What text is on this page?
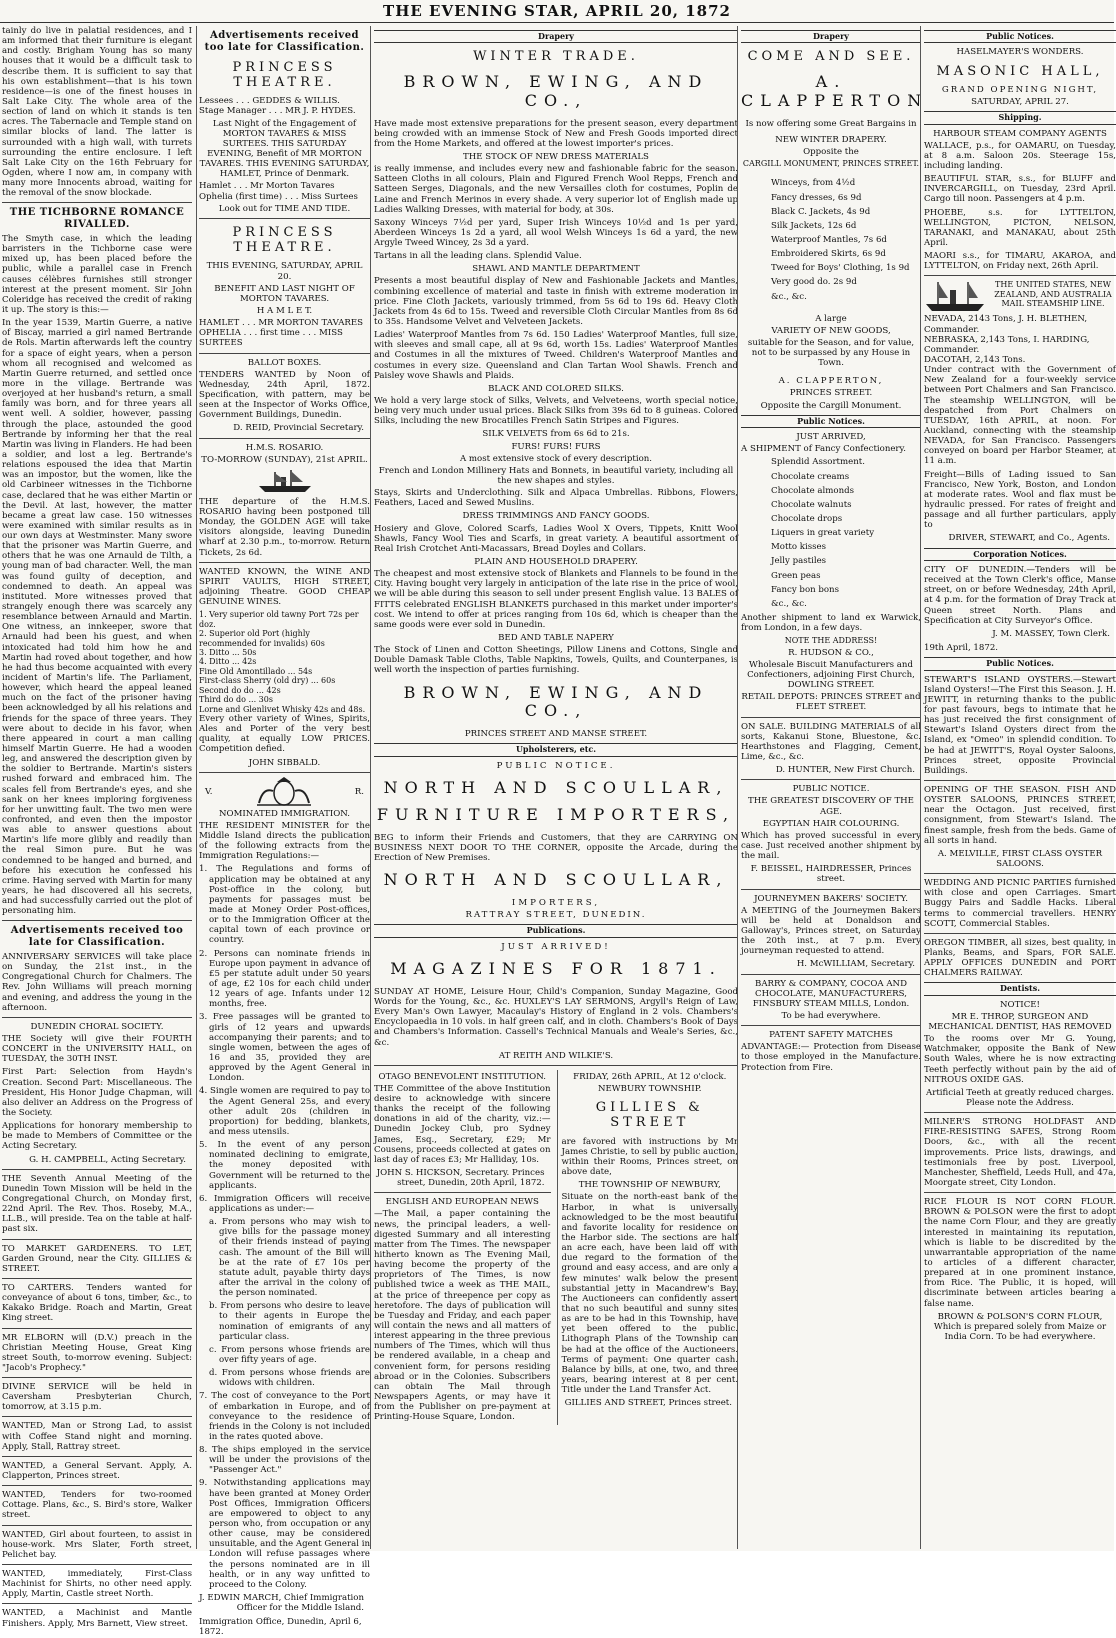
THE EVENING STAR, APRIL 20, 1872

tainly do live in palatial residences, and I am informed that their furniture is elegant and costly. Brigham Young has so many houses that it would be a difficult task to describe them. It is sufficient to say that his own establishment—that is his town residence—is one of the finest houses in Salt Lake City. The whole area of the section of land on which it stands is ten acres. The Tabernacle and Temple stand on similar blocks of land. The latter is surrounded with a high wall, with turrets surrounding the entire enclosure. I left Salt Lake City on the 16th February for Ogden, where I now am, in company with many more Innocents abroad, waiting for the removal of the snow blockade.

THE TICHBORNE ROMANCE RIVALLED.

The Smyth case, in which the leading barristers in the Tichborne case were mixed up, has been placed before the public, while a parallel case in French causes célèbres furnishes still stronger interest at the present moment. Sir John Coleridge has received the credit of raking it up. The story is this:—

In the year 1539, Martin Guerre, a native of Biscay, married a girl named Bertrande de Rols. Martin afterwards left the country for a space of eight years, when a person whom all recognised and welcomed as Martin Guerre returned, and settled once more in the village. Bertrande was overjoyed at her husband's return, a small family was born, and for three years all went well. A soldier, however, passing through the place, astounded the good Bertrande by informing her that the real Martin was living in Flanders. He had been a soldier, and lost a leg. Bertrande's relations espoused the idea that Martin was an impostor, but the women, like the old Carbineer witnesses in the Tichborne case, declared that he was either Martin or the Devil. At last, however, the matter became a great law case. 150 witnesses were examined with similar results as in our own days at Westminster. Many swore that the prisoner was Martin Guerre, and others that he was one Arnauld de Tilth, a young man of bad character. Well, the man was found guilty of deception, and condemned to death. An appeal was instituted. More witnesses proved that strangely enough there was scarcely any resemblance between Arnauld and Martin. One witness, an innkeeper, swore that Arnauld had been his guest, and when intoxicated had told him how he and Martin had roved about together, and how he had thus become acquainted with every incident of Martin's life. The Parliament, however, which heard the appeal leaned much on the fact of the prisoner having been acknowledged by all his relations and friends for the space of three years. They were about to decide in his favor, when there appeared in court a man calling himself Martin Guerre. He had a wooden leg, and answered the description given by the soldier to Bertrande. Martin's sisters rushed forward and embraced him. The scales fell from Bertrande's eyes, and she sank on her knees imploring forgiveness for her unwitting fault. The two men were confronted, and even then the impostor was able to answer questions about Martin's life more glibly and readily than the real Simon pure. But he was condemned to be hanged and burned, and before his execution he confessed his crime. Having served with Martin for many years, he had discovered all his secrets, and had successfully carried out the plot of personating him.

Advertisements received too late for Classification.

ANNIVERSARY SERVICES will take place on Sunday, the 21st inst., in the Congregational Church for Chalmers. The Rev. John Williams will preach morning and evening, and address the young in the afternoon.

DUNEDIN CHORAL SOCIETY.

THE Society will give their FOURTH CONCERT in the UNIVERSITY HALL, on TUESDAY, the 30TH INST.

First Part: Selection from Haydn's Creation. Second Part: Miscellaneous. The President, His Honor Judge Chapman, will also deliver an Address on the Progress of the Society.

Applications for honorary membership to be made to Members of Committee or the Acting Secretary.

G. H. CAMPBELL, Acting Secretary.

THE Seventh Annual Meeting of the Dunedin Town Mission will be held in the Congregational Church, on Monday first, 22nd April. The Rev. Thos. Roseby, M.A., LL.B., will preside. Tea on the table at half-past six.

TO MARKET GARDENERS. TO LET, Garden Ground, near the City. GILLIES & STREET.

TO CARTERS. Tenders wanted for conveyance of about 6 tons, timber, &c., to Kakako Bridge. Roach and Martin, Great King street.

MR ELBORN will (D.V.) preach in the Christian Meeting House, Great King street South, to-morrow evening. Subject: "Jacob's Prophecy."

DIVINE SERVICE will be held in Caversham Presbyterian Church, tomorrow, at 3.15 p.m.

WANTED, Man or Strong Lad, to assist with Coffee Stand night and morning. Apply, Stall, Rattray street.

WANTED, a General Servant. Apply, A. Clapperton, Princes street.

WANTED, Tenders for two-roomed Cottage. Plans, &c., S. Bird's store, Walker street.

WANTED, Girl about fourteen, to assist in house-work. Mrs Slater, Forth street, Pelichet bay.

WANTED, immediately, First-Class Machinist for Shirts, no other need apply. Apply, Martin, Castle street North.

WANTED, a Machinist and Mantle Finishers. Apply, Mrs Barnett, View street.

Advertisements received too late for Classification.
PRINCESS THEATRE.
Lessees . . . GEDDES & WILLIS.
Stage Manager . . . MR J. P. HYDES.

Last Night of the Engagement of MORTON TAVARES & MISS SURTEES. THIS SATURDAY EVENING, Benefit of MR MORTON TAVARES. THIS EVENING SATURDAY, HAMLET, Prince of Denmark.

Hamlet . . . Mr Morton Tavares
Ophelia (first time) . . . Miss Surtees
Look out for TIME AND TIDE.
PRINCESS THEATRE.
THIS EVENING, SATURDAY, APRIL 20.
BENEFIT AND LAST NIGHT OF MORTON TAVARES.
H A M L E T.
HAMLET . . . MR MORTON TAVARES
OPHELIA . . . first time . . . MISS SURTEES
BALLOT BOXES.

TENDERS WANTED by Noon of Wednesday, 24th April, 1872. Specification, with pattern, may be seen at the Inspector of Works Office, Government Buildings, Dunedin.

D. REID, Provincial Secretary.
H.M.S. ROSARIO.
TO-MORROW (SUNDAY), 21st APRIL.

THE departure of the H.M.S. ROSARIO having been postponed till Monday, the GOLDEN AGE will take visitors alongside, leaving Dunedin wharf at 2.30 p.m., to-morrow. Return Tickets, 2s 6d.

WANTED KNOWN, the WINE AND SPIRIT VAULTS, HIGH STREET, adjoining Theatre. GOOD CHEAP GENUINE WINES.

1. Very superior old tawny Port 72s per doz.
2. Superior old Port (highly recommended for invalids) 60s
3. Ditto ... 50s
4. Ditto ... 42s
Fine Old Amontillado ... 54s
First-class Sherry (old dry) ... 60s
Second do do ... 42s
Third do do ... 30s
Lorne and Glenlivet Whisky 42s and 48s.

Every other variety of Wines, Spirits, Ales and Porter of the very best quality, at equally LOW PRICES. Competition defied.

JOHN SIBBALD.
V.	R.
NOMINATED IMMIGRATION.

THE RESIDENT MINISTER for the Middle Island directs the publication of the following extracts from the Immigration Regulations:—

1. The Regulations and forms of application may be obtained at any Post-office in the colony, but payments for passages must be made at Money Order Post-offices, or to the Immigration Officer at the capital town of each province or country.

2. Persons can nominate friends in Europe upon payment in advance of £5 per statute adult under 50 years of age, £2 10s for each child under 12 years of age. Infants under 12 months, free.

3. Free passages will be granted to girls of 12 years and upwards accompanying their parents; and to single women, between the ages of 16 and 35, provided they are approved by the Agent General in London.

4. Single women are required to pay to the Agent General 25s, and every other adult 20s (children in proportion) for bedding, blankets, and mess utensils.

5. In the event of any person nominated declining to emigrate, the money deposited with Government will be returned to the applicants.

6. Immigration Officers will receive applications as under:—

a. From persons who may wish to give bills for the passage money of their friends instead of paying cash. The amount of the Bill will be at the rate of £7 10s per statute adult, payable thirty days after the arrival in the colony of the person nominated.

b. From persons who desire to leave to their agents in Europe the nomination of emigrants of any particular class.

c. From persons whose friends are over fifty years of age.

d. From persons whose friends are widows with children.

7. The cost of conveyance to the Port of embarkation in Europe, and of conveyance to the residence of friends in the Colony is not included in the rates quoted above.

8. The ships employed in the service will be under the provisions of the "Passenger Act."

9. Notwithstanding applications may have been granted at Money Order Post Offices, Immigration Officers are empowered to object to any person who, from occupation or any other cause, may be considered unsuitable, and the Agent General in London will refuse passages where the persons nominated are in ill health, or in any way unfitted to proceed to the Colony.

J. EDWIN MARCH, Chief Immigration Officer for the Middle Island.
Immigration Office, Dunedin, April 6, 1872.
Drapery
WINTER TRADE.
BROWN, EWING, AND CO.,

Have made most extensive preparations for the present season, every department being crowded with an immense Stock of New and Fresh Goods imported direct from the Home Markets, and offered at the lowest importer's prices.

THE STOCK OF NEW DRESS MATERIALS

is really immense, and includes every new and fashionable fabric for the season. Satteen Cloths in all colours, Plain and Figured French Wool Repps, French and Satteen Serges, Diagonals, and the new Versailles cloth for costumes, Poplin de Laine and French Merinos in every shade. A very superior lot of English made up Ladies Walking Dresses, with material for body, at 30s.

Saxony Winceys 7½d per yard, Super Irish Winceys 10½d and 1s per yard, Aberdeen Winceys 1s 2d a yard, all wool Welsh Winceys 1s 6d a yard, the new Argyle Tweed Wincey, 2s 3d a yard.

Tartans in all the leading clans. Splendid Value.

SHAWL AND MANTLE DEPARTMENT

Presents a most beautiful display of New and Fashionable Jackets and Mantles, combining excellence of material and taste in finish with extreme moderation in price. Fine Cloth Jackets, variously trimmed, from 5s 6d to 19s 6d. Heavy Cloth Jackets from 4s 6d to 15s. Tweed and reversible Cloth Circular Mantles from 8s 6d to 35s. Handsome Velvet and Velveteen Jackets.

Ladies' Waterproof Mantles from 7s 6d. 150 Ladies' Waterproof Mantles, full size, with sleeves and small cape, all at 9s 6d, worth 15s. Ladies' Waterproof Mantles and Costumes in all the mixtures of Tweed. Children's Waterproof Mantles and costumes in every size. Queensland and Clan Tartan Wool Shawls. French and Paisley wove Shawls and Plaids.

BLACK AND COLORED SILKS.

We hold a very large stock of Silks, Velvets, and Velveteens, worth special notice, being very much under usual prices. Black Silks from 39s 6d to 8 guineas. Colored Silks, including the new Brocatilles French Satin Stripes and Figures.

SILK VELVETS from 6s 6d to 21s.
FURS! FURS! FURS
A most extensive stock of every description.

French and London Millinery Hats and Bonnets, in beautiful variety, including all the new shapes and styles.

Stays, Skirts and Underclothing. Silk and Alpaca Umbrellas. Ribbons, Flowers, Feathers, Laced and Sewed Muslins.

DRESS TRIMMINGS AND FANCY GOODS.

Hosiery and Glove, Colored Scarfs, Ladies Wool X Overs, Tippets, Knitt Wool Shawls, Fancy Wool Ties and Scarfs, in great variety. A beautiful assortment of Real Irish Crotchet Anti-Macassars, Bread Doyles and Collars.

PLAIN AND HOUSEHOLD DRAPERY.

The cheapest and most extensive stock of Blankets and Flannels to be found in the City. Having bought very largely in anticipation of the late rise in the price of wool, we will be able during this season to sell under present English value. 13 BALES of FITTS celebrated ENGLISH BLANKETS purchased in this market under importer's cost. We intend to offer at prices ranging from 10s 6d, which is cheaper than the same goods were ever sold in Dunedin.

BED AND TABLE NAPERY

The Stock of Linen and Cotton Sheetings, Pillow Linens and Cottons, Single and Double Damask Table Cloths, Table Napkins, Towels, Quilts, and Counterpanes, is well worth the inspection of parties furnishing.

BROWN, EWING, AND CO.,
PRINCES STREET AND MANSE STREET.
Upholsterers, etc.
PUBLIC NOTICE.
NORTH AND SCOULLAR,
FURNITURE IMPORTERS,

BEG to inform their Friends and Customers, that they are CARRYING ON BUSINESS NEXT DOOR TO THE CORNER, opposite the Arcade, during the Erection of New Premises.

NORTH AND SCOULLAR,
IMPORTERS,
RATTRAY STREET, DUNEDIN.
Publications.
JUST ARRIVED!
MAGAZINES FOR 1871.

SUNDAY AT HOME, Leisure Hour, Child's Companion, Sunday Magazine, Good Words for the Young, &c., &c. HUXLEY'S LAY SERMONS, Argyll's Reign of Law, Every Man's Own Lawyer, Macaulay's History of England in 2 vols. Chambers's Encyclopaedia in 10 vols. in half green calf, and in cloth. Chambers's Book of Days and Chambers's Information. Cassell's Technical Manuals and Weale's Series, &c., &c.

AT REITH AND WILKIE'S.
OTAGO BENEVOLENT INSTITUTION.

THE Committee of the above Institution desire to acknowledge with sincere thanks the receipt of the following donations in aid of the charity, viz.:—Dunedin Jockey Club, pro Sydney James, Esq., Secretary, £29; Mr Cousens, proceeds collected at gates on last day of races £3; Mr Halliday, 10s.

JOHN S. HICKSON, Secretary. Princes street, Dunedin, 20th April, 1872.
ENGLISH AND EUROPEAN NEWS

—The Mail, a paper containing the news, the principal leaders, a well-digested Summary and all interesting matter from The Times. The newspaper hitherto known as The Evening Mail, having become the property of the proprietors of The Times, is now published twice a week as THE MAIL, at the price of threepence per copy as heretofore. The days of publication will be Tuesday and Friday, and each paper will contain the news and all matters of interest appearing in the three previous numbers of The Times, which will thus be rendered available, in a cheap and convenient form, for persons residing abroad or in the Colonies. Subscribers can obtain The Mail through Newspapers Agents, or may have it from the Publisher on pre-payment at Printing-House Square, London.

FRIDAY, 26th APRIL, At 12 o'clock.
NEWBURY TOWNSHIP.
GILLIES & STREET

are favored with instructions by Mr James Christie, to sell by public auction, within their Rooms, Princes street, on above date,

THE TOWNSHIP OF NEWBURY,

Situate on the north-east bank of the Harbor, in what is universally acknowledged to be the most beautiful and favorite locality for residence on the Harbor side. The sections are half an acre each, have been laid off with due regard to the formation of the ground and easy access, and are only a few minutes' walk below the present substantial jetty in Macandrew's Bay. The Auctioneers can confidently assert that no such beautiful and sunny sites as are to be had in this Township, have yet been offered to the public. Lithograph Plans of the Township can be had at the office of the Auctioneers. Terms of payment: One quarter cash. Balance by bills, at one, two, and three years, bearing interest at 8 per cent. Title under the Land Transfer Act.

GILLIES AND STREET, Princes street.
Drapery
COME AND SEE.
A. CLAPPERTON
Is now offering some Great Bargains in
NEW WINTER DRAPERY.
Opposite the
CARGILL MONUMENT, PRINCES STREET.
Winceys, from 4½d
Fancy dresses, 6s 9d
Black C. Jackets, 4s 9d
Silk Jackets, 12s 6d
Waterproof Mantles, 7s 6d
Embroidered Skirts, 6s 9d
Tweed for Boys' Clothing, 1s 9d
Very good do. 2s 9d
&c., &c.
A large
VARIETY OF NEW GOODS,

suitable for the Season, and for value, not to be surpassed by any House in Town.

A. CLAPPERTON,
PRINCES STREET.
Opposite the Cargill Monument.
Public Notices.
JUST ARRIVED,

A SHIPMENT of Fancy Confectionery.

Splendid Assortment.
Chocolate creams
Chocolate almonds
Chocolate walnuts
Chocolate drops
Liquers in great variety
Motto kisses
Jelly pastiles
Green peas
Fancy bon bons
&c., &c.

Another shipment to land ex Warwick, from London, in a few days.

NOTE THE ADDRESS!
R. HUDSON & CO.,

Wholesale Biscuit Manufacturers and Confectioners, adjoining First Church, DOWLING STREET.

RETAIL DEPOTS: PRINCES STREET and FLEET STREET.

ON SALE. BUILDING MATERIALS of all sorts, Kakanui Stone, Bluestone, &c. Hearthstones and Flagging, Cement, Lime, &c., &c.

D. HUNTER, New First Church.
PUBLIC NOTICE.
THE GREATEST DISCOVERY OF THE AGE.
EGYPTIAN HAIR COLOURING.

Which has proved successful in every case. Just received another shipment by the mail.

F. BEISSEL, HAIRDRESSER, Princes street.
JOURNEYMEN BAKERS' SOCIETY.

A MEETING of the Journeymen Bakers will be held at Donaldson and Galloway's, Princes street, on Saturday the 20th inst., at 7 p.m. Every journeyman requested to attend.

H. McWILLIAM, Secretary.

BARRY & COMPANY, COCOA AND CHOCOLATE, MANUFACTURERS, FINSBURY STEAM MILLS, London.

To be had everywhere.
PATENT SAFETY MATCHES

ADVANTAGE:— Protection from Disease to those employed in the Manufacture. Protection from Fire.

Public Notices.
HASELMAYER'S WONDERS.
MASONIC HALL,
GRAND OPENING NIGHT,
SATURDAY, APRIL 27.
Shipping.
HARBOUR STEAM COMPANY AGENTS

WALLACE, p.s., for OAMARU, on Tuesday, at 8 a.m. Saloon 20s. Steerage 15s, including landing.

BEAUTIFUL STAR, s.s., for BLUFF and INVERCARGILL, on Tuesday, 23rd April. Cargo till noon. Passengers at 4 p.m.

PHOEBE, s.s. for LYTTELTON, WELLINGTON, PICTON, NELSON, TARANAKI, and MANAKAU, about 25th April.

MAORI s.s., for TIMARU, AKAROA, and LYTTELTON, on Friday next, 26th April.

THE UNITED STATES, NEW ZEALAND, AND AUSTRALIA MAIL STEAMSHIP LINE.
NEVADA, 2143 Tons, J. H. BLETHEN, Commander.
NEBRASKA, 2,143 Tons, I. HARDING, Commander.
DACOTAH, 2,143 Tons.

Under contract with the Government of New Zealand for a four-weekly service between Port Chalmers and San Francisco. The steamship WELLINGTON, will be despatched from Port Chalmers on TUESDAY, 16th APRIL, at noon. For Auckland, connecting with the steamship NEVADA, for San Francisco. Passengers conveyed on board per Harbor Steamer, at 11 a.m.

Freight—Bills of Lading issued to San Francisco, New York, Boston, and London at moderate rates. Wool and flax must be hydraulic pressed. For rates of freight and passage and all further particulars, apply to

DRIVER, STEWART, and Co., Agents.
Corporation Notices.

CITY OF DUNEDIN.—Tenders will be received at the Town Clerk's office, Manse street, on or before Wednesday, 24th April, at 4 p.m. for the formation of Dray Track at Queen street North. Plans and Specification at City Surveyor's Office.

J. M. MASSEY, Town Clerk.
19th April, 1872.
Public Notices.

STEWART'S ISLAND OYSTERS.—Stewart Island Oysters!—The First this Season. J. H. JEWITT, in returning thanks to the public for past favours, begs to intimate that he has just received the first consignment of Stewart's Island Oysters direct from the Island, ex "Omeo" in splendid condition. To be had at JEWITT'S, Royal Oyster Saloons, Princes street, opposite Provincial Buildings.

OPENING OF THE SEASON. FISH AND OYSTER SALOONS, PRINCES STREET, near the Octagon. Just received, first consignment, from Stewart's Island. The finest sample, fresh from the beds. Game of all sorts in hand.

A. MELVILLE, FIRST CLASS OYSTER SALOONS.

WEDDING AND PICNIC PARTIES furnished with close and open Carriages. Smart Buggy Pairs and Saddle Hacks. Liberal terms to commercial travellers. HENRY SCOTT, Commercial Stables.

OREGON TIMBER, all sizes, best quality, in Planks, Beams, and Spars, FOR SALE. APPLY OFFICES DUNEDIN and PORT CHALMERS RAILWAY.

Dentists.
NOTICE!
MR E. THROP, SURGEON AND MECHANICAL DENTIST, HAS REMOVED

To the rooms over Mr G. Young, Watchmaker, opposite the Bank of New South Wales, where he is now extracting Teeth perfectly without pain by the aid of NITROUS OXIDE GAS.

Artificial Teeth at greatly reduced charges. Please note the Address.

MILNER'S STRONG HOLDFAST AND FIRE-RESISTING SAFES, Strong Room Doors, &c., with all the recent improvements. Price lists, drawings, and testimonials free by post. Liverpool, Manchester, Sheffield, Leeds Hull, and 47a, Moorgate street, City London.

RICE FLOUR IS NOT CORN FLOUR. BROWN & POLSON were the first to adopt the name Corn Flour, and they are greatly interested in maintaining its reputation, which is liable to be discredited by the unwarrantable appropriation of the name to articles of a different character, prepared at in one prominent instance, from Rice. The Public, it is hoped, will discriminate between articles bearing a false name.

BROWN & POLSON'S CORN FLOUR, Which is prepared solely from Maize or India Corn. To be had everywhere.
